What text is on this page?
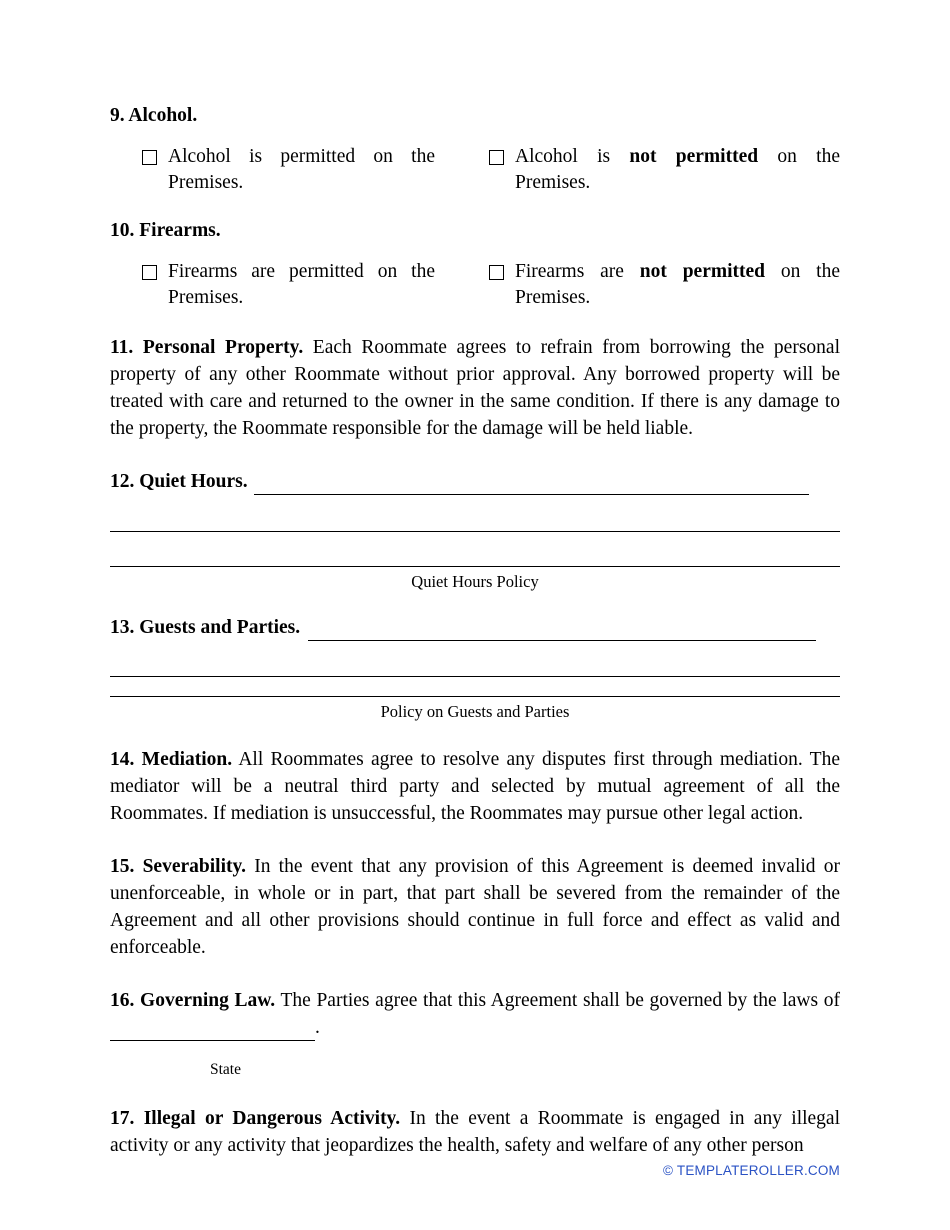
9. Alcohol.
Alcohol is permitted on the Premises.
Alcohol is not permitted on the Premises.
10. Firearms.
Firearms are permitted on the Premises.
Firearms are not permitted on the Premises.

11. Personal Property. Each Roommate agrees to refrain from borrowing the personal property of any other Roommate without prior approval. Any borrowed property will be treated with care and returned to the owner in the same condition. If there is any damage to the property, the Roommate responsible for the damage will be held liable.

12. Quiet Hours.
Quiet Hours Policy
13. Guests and Parties.
Policy on Guests and Parties

14. Mediation. All Roommates agree to resolve any disputes first through mediation. The mediator will be a neutral third party and selected by mutual agreement of all the Roommates. If mediation is unsuccessful, the Roommates may pursue other legal action.

15. Severability. In the event that any provision of this Agreement is deemed invalid or unenforceable, in whole or in part, that part shall be severed from the remainder of the Agreement and all other provisions should continue in full force and effect as valid and enforceable.

16. Governing Law. The Parties agree that this Agreement shall be governed by the laws of .

State

17. Illegal or Dangerous Activity. In the event a Roommate is engaged in any illegal activity or any activity that jeopardizes the health, safety and welfare of any other person

© TEMPLATEROLLER.COM
